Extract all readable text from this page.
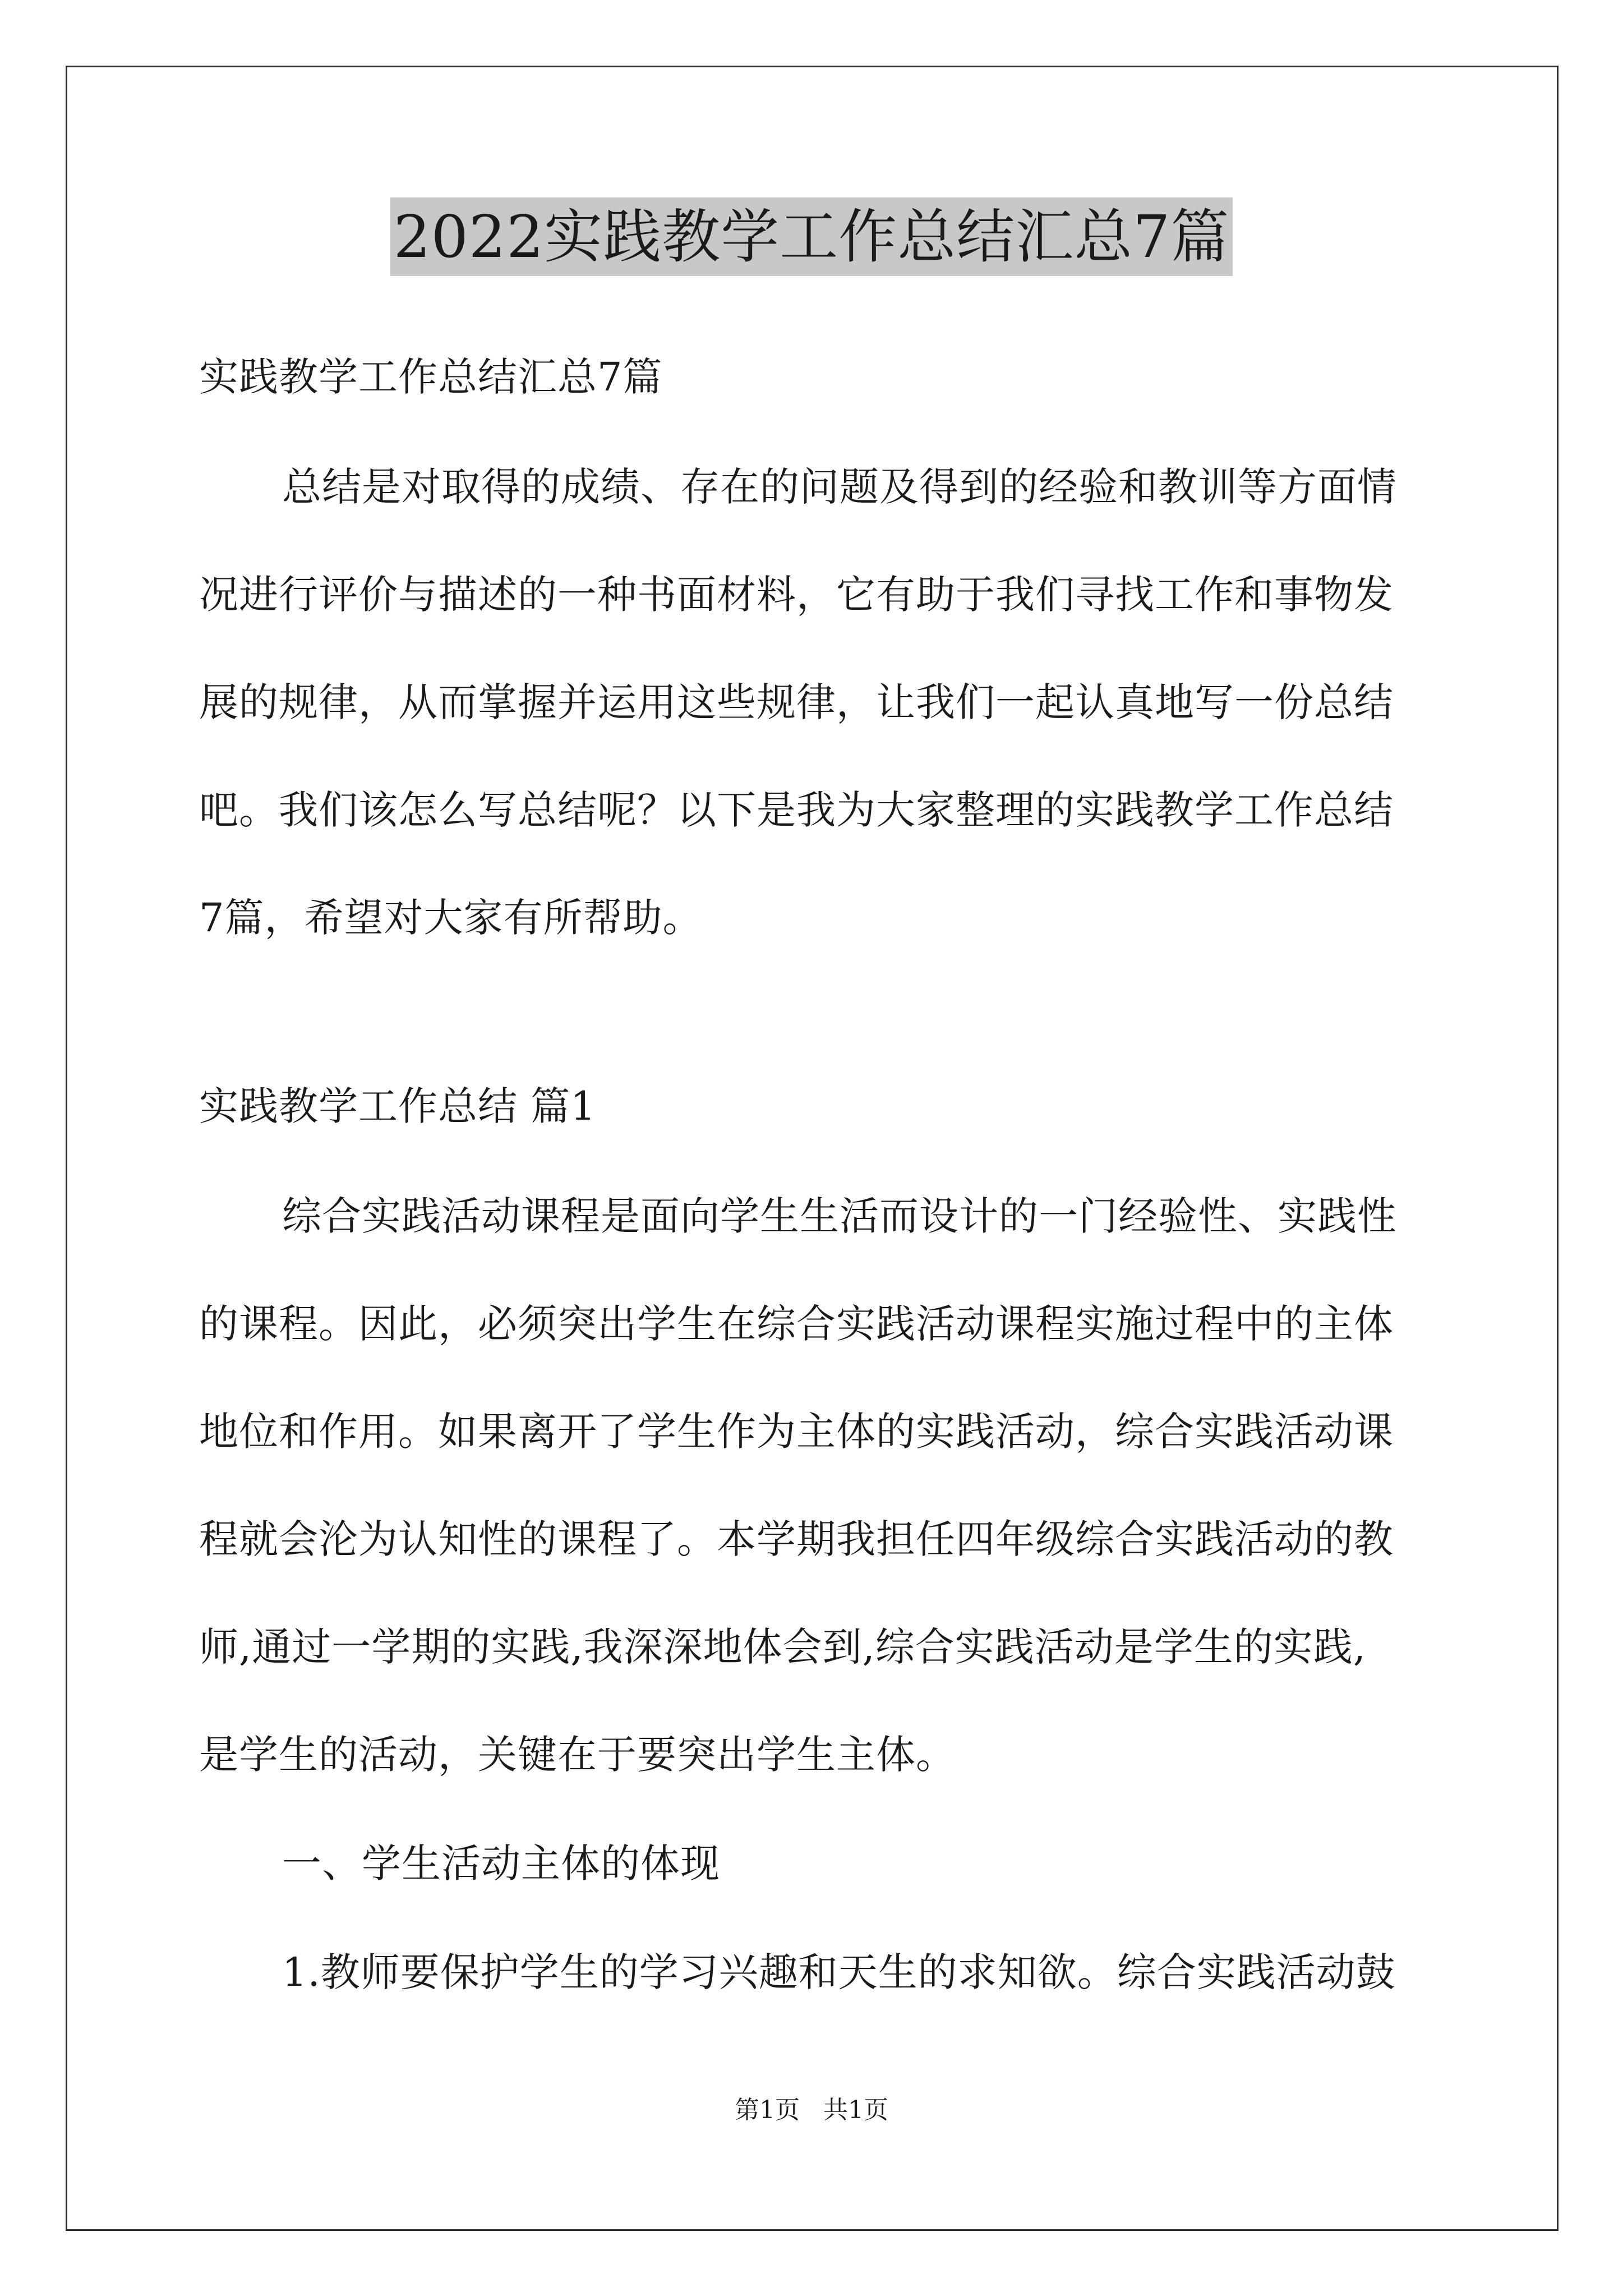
2022实践教学工作总结汇总7篇
实践教学工作总结汇总7篇
总结是对取得的成绩、存在的问题及得到的经验和教训等方面情
况进行评价与描述的一种书面材料，它有助于我们寻找工作和事物发
展的规律，从而掌握并运用这些规律，让我们一起认真地写一份总结
吧。我们该怎么写总结呢？以下是我为大家整理的实践教学工作总结
7篇，希望对大家有所帮助。
实践教学工作总结 篇1
综合实践活动课程是面向学生生活而设计的一门经验性、实践性
的课程。因此，必须突出学生在综合实践活动课程实施过程中的主体
地位和作用。如果离开了学生作为主体的实践活动，综合实践活动课
程就会沦为认知性的课程了。本学期我担任四年级综合实践活动的教
师,通过一学期的实践,我深深地体会到,综合实践活动是学生的实践,
是学生的活动，关键在于要突出学生主体。
一、学生活动主体的体现
1.教师要保护学生的学习兴趣和天生的求知欲。综合实践活动鼓
第1页 共1页
